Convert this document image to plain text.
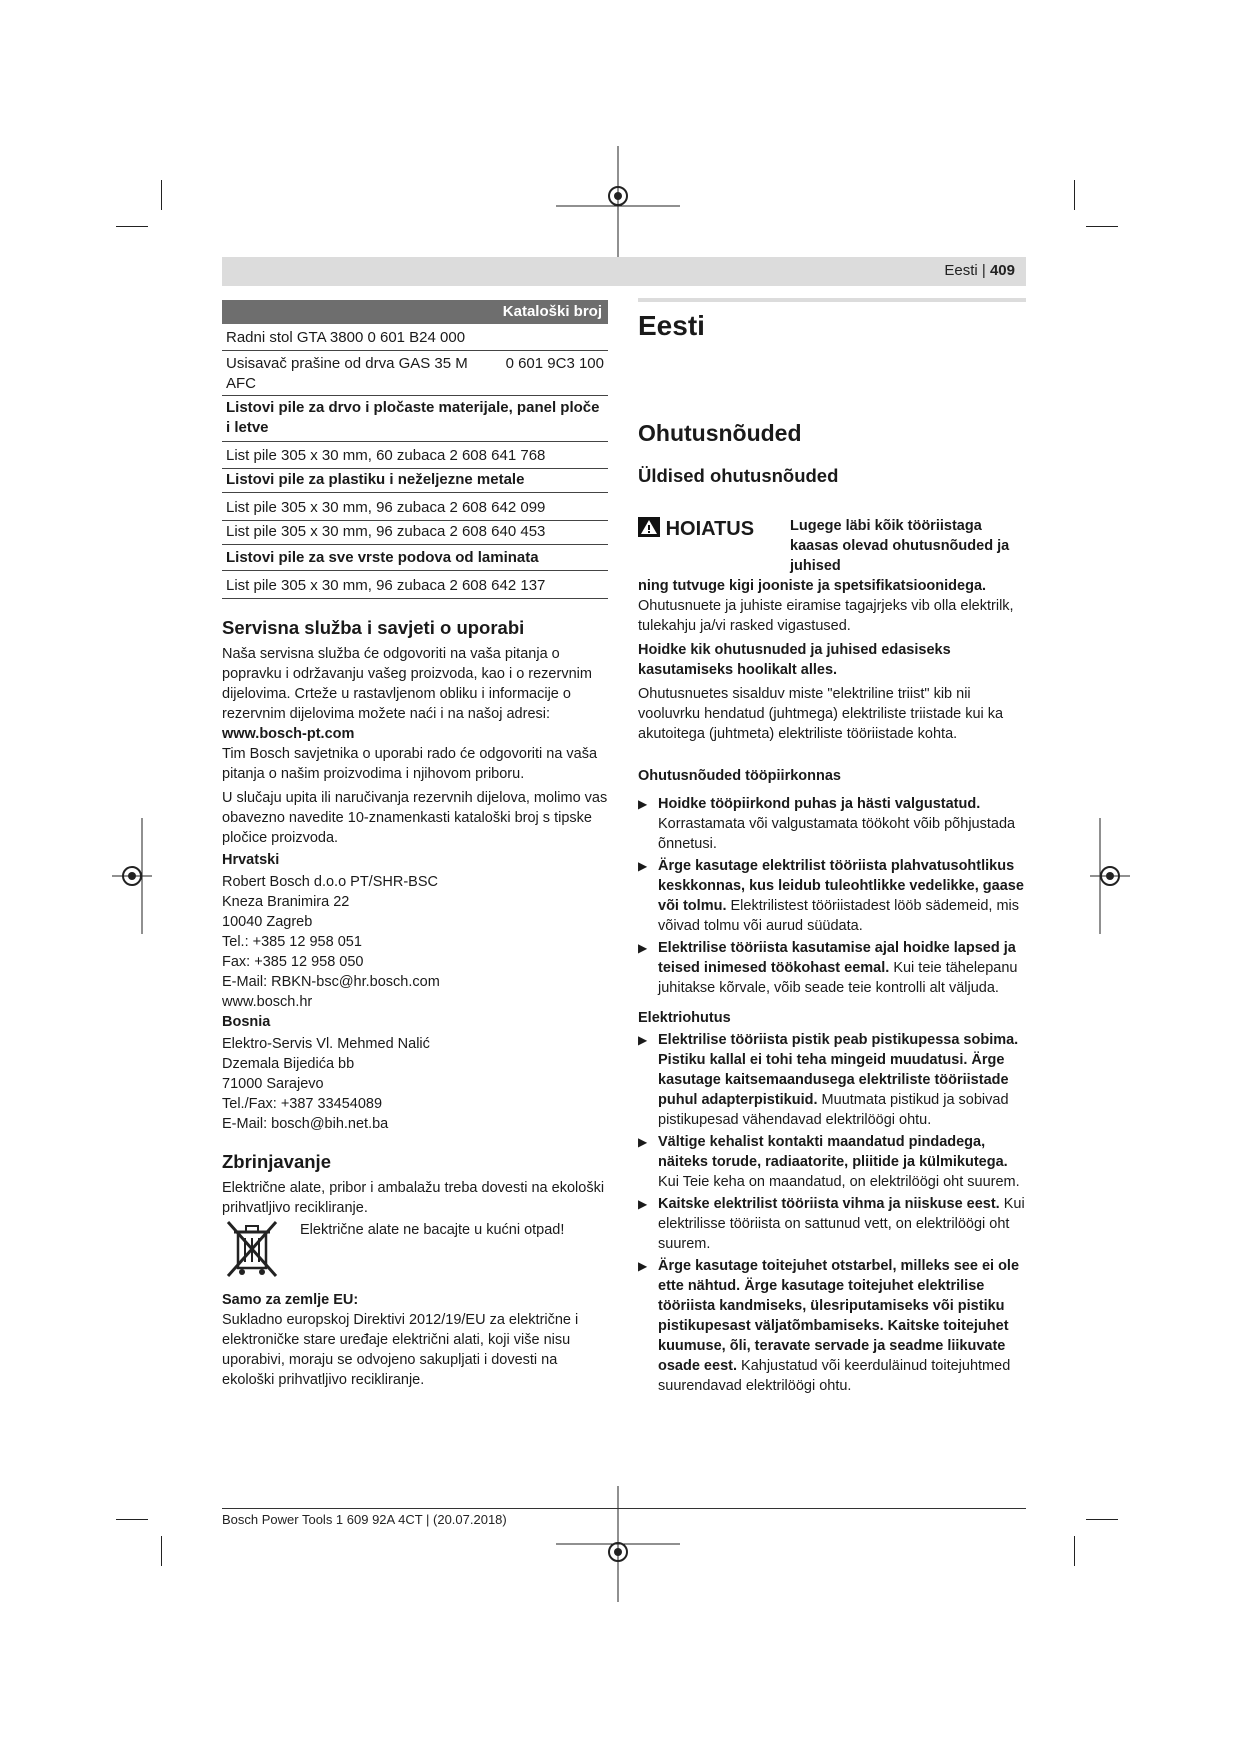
Eesti | 409
Kataloški broj
Radni stol GTA 3800 0 601 B24 000
Usisavač prašine od drva GAS 35 M AFC
0 601 9C3 100
Listovi pile za drvo i pločaste materijale, panel ploče i letve
List pile 305 x 30 mm, 60 zubaca 2 608 641 768
Listovi pile za plastiku i neželjezne metale
List pile 305 x 30 mm, 96 zubaca 2 608 642 099
List pile 305 x 30 mm, 96 zubaca 2 608 640 453
Listovi pile za sve vrste podova od laminata
List pile 305 x 30 mm, 96 zubaca 2 608 642 137
Servisna služba i savjeti o uporabi

Naša servisna služba će odgovoriti na vaša pitanja o popravku i održavanju vašeg proizvoda, kao i o rezervnim dijelovima. Crteže u rastavljenom obliku i informacije o rezervnim dijelovima možete naći i na našoj adresi:

www.bosch-pt.com

Tim Bosch savjetnika o uporabi rado će odgovoriti na vaša pitanja o našim proizvodima i njihovom priboru.

U slučaju upita ili naručivanja rezervnih dijelova, molimo vas obavezno navedite 10-znamenkasti kataloški broj s tipske pločice proizvoda.

Hrvatski

Robert Bosch d.o.o PT/SHR-BSC
Kneza Branimira 22
10040 Zagreb
Tel.: +385 12 958 051
Fax: +385 12 958 050
E-Mail: RBKN-bsc@hr.bosch.com
www.bosch.hr

Bosnia

Elektro-Servis Vl. Mehmed Nalić
Dzemala Bijedića bb
71000 Sarajevo
Tel./Fax: +387 33454089
E-Mail: bosch@bih.net.ba
Zbrinjavanje

Električne alate, pribor i ambalažu treba dovesti na ekološki prihvatljivo recikliranje.

Električne alate ne bacajte u kućni otpad!

Samo za zemlje EU:

Sukladno europskoj Direktivi 2012/19/EU za električne i elektroničke stare uređaje električni alati, koji više nisu uporabivi, moraju se odvojeno sakupljati i dovesti na ekološki prihvatljivo recikliranje.

Eesti
Ohutusnõuded
Üldised ohutusnõuded
HOIATUS Lugege läbi kõik tööriistaga kaasas olevad ohutusnõuded ja juhised

ning tutvuge kigi jooniste ja spetsifikatsioonidega.

Ohutusnuete ja juhiste eiramise tagajrjeks vib olla elektrilk, tulekahju ja/vi rasked vigastused.

Hoidke kik ohutusnuded ja juhised edasiseks kasutamiseks hoolikalt alles.

Ohutusnuetes sisalduv miste "elektriline triist" kib nii vooluvrku hendatud (juhtmega) elektriliste triistade kui ka akutoitega (juhtmeta) elektriliste tööriistade kohta.

Ohutusnõuded tööpiirkonnas

▶ Hoidke tööpiirkond puhas ja hästi valgustatud.
Korrastamata või valgustamata töökoht võib põhjustada õnnetusi.
▶ Ärge kasutage elektrilist tööriista plahvatusohtlikus keskkonnas, kus leidub tuleohtlikke vedelikke, gaase või tolmu. Elektrilistest tööriistadest lööb sädemeid, mis võivad tolmu või aurud süüdata.
▶ Elektrilise tööriista kasutamise ajal hoidke lapsed ja teised inimesed töökohast eemal. Kui teie tähelepanu juhitakse kõrvale, võib seade teie kontrolli alt väljuda.

Elektriohutus

▶ Elektrilise tööriista pistik peab pistikupessa sobima. Pistiku kallal ei tohi teha mingeid muudatusi. Ärge kasutage kaitsemaandusega elektriliste tööriistade puhul adapterpistikuid. Muutmata pistikud ja sobivad pistikupesad vähendavad elektrilöögi ohtu.
▶ Vältige kehalist kontakti maandatud pindadega, näiteks torude, radiaatorite, pliitide ja külmikutega. Kui Teie keha on maandatud, on elektrilöögi oht suurem.
▶ Kaitske elektrilist tööriista vihma ja niiskuse eest. Kui elektrilisse tööriista on sattunud vett, on elektrilöögi oht suurem.
▶ Ärge kasutage toitejuhet otstarbel, milleks see ei ole ette nähtud. Ärge kasutage toitejuhet elektrilise tööriista kandmiseks, ülesriputamiseks või pistiku pistikupesast väljatõmbamiseks. Kaitske toitejuhet kuumuse, õli, teravate servade ja seadme liikuvate osade eest. Kahjustatud või keerduläinud toitejuhtmed suurendavad elektrilöögi ohtu.
Bosch Power Tools 1 609 92A 4CT | (20.07.2018)
